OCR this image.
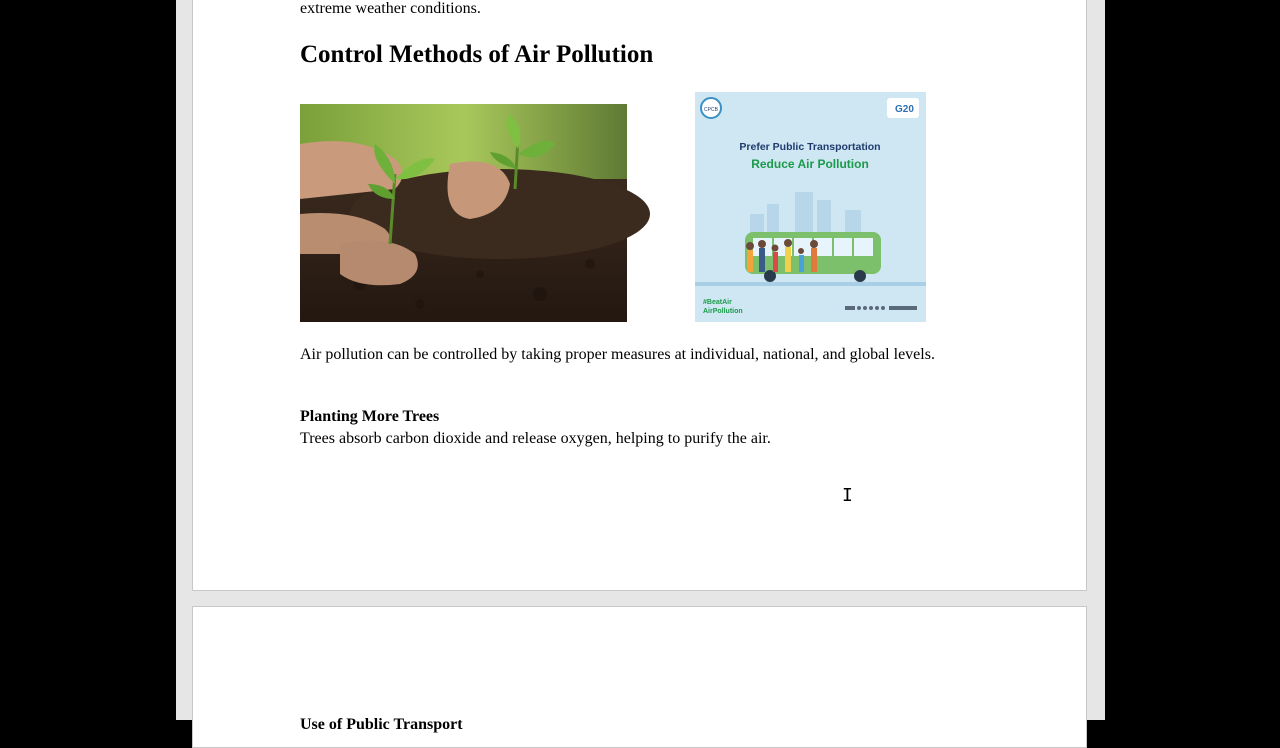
extreme weather conditions.

Control Methods of Air Pollution
CPCB	G20
Prefer Public Transportation
Reduce Air Pollution
#BeatAir
AirPollution

Air pollution can be controlled by taking proper measures at individual, national, and global levels.

Planting More Trees

Trees absorb carbon dioxide and release oxygen, helping to purify the air.

I

Use of Public Transport
